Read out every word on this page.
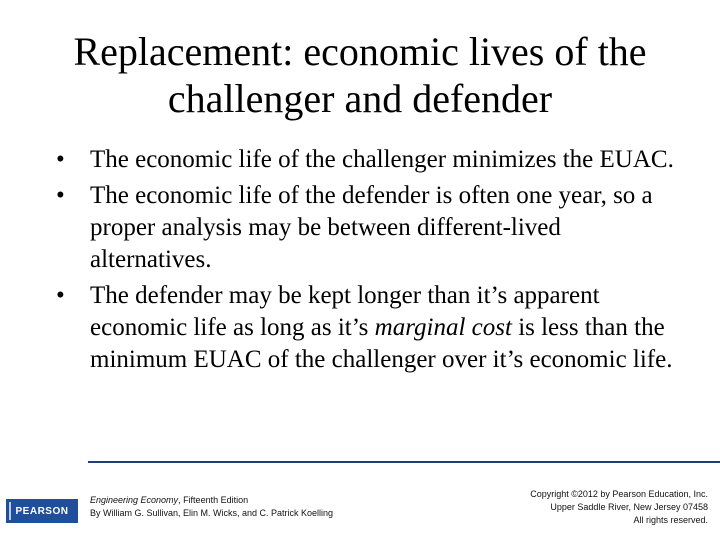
Replacement: economic lives of the
challenger and defender
•	The economic life of the challenger minimizes the EUAC.
•	The economic life of the defender is often one year, so a proper analysis may be between different-lived alternatives.
•	The defender may be kept longer than it’s apparent economic life as long as it’s marginal cost is less than the minimum EUAC of the challenger over it’s economic life.
PEARSON
Engineering Economy, Fifteenth Edition
By William G. Sullivan, Elin M. Wicks, and C. Patrick Koelling
Copyright ©2012 by Pearson Education, Inc.
Upper Saddle River, New Jersey 07458
All rights reserved.
